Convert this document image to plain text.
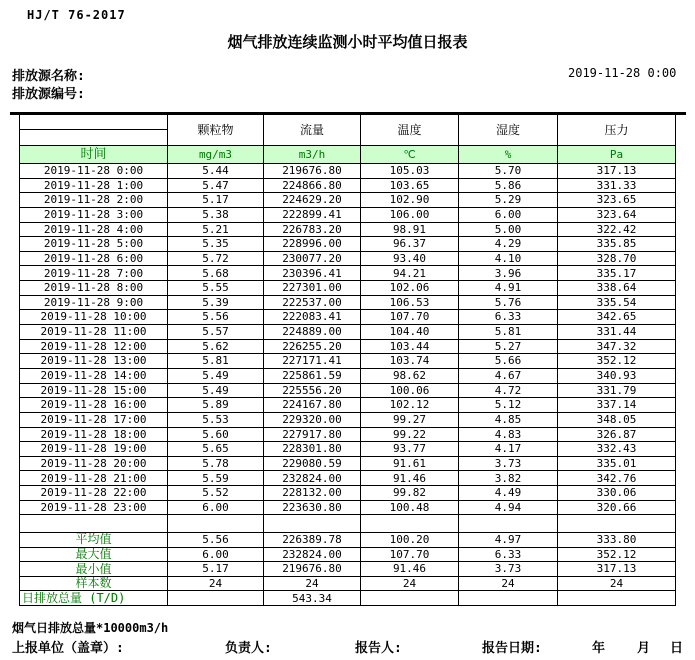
HJ/T 76-2017
烟气排放连续监测小时平均值日报表
排放源名称:	2019-11-28 0:00
排放源编号:
	颗粒物	流量	温度	湿度	压力

时间	mg/m3	m3/h	℃	%	Pa
2019-11-28 0:00	5.44	219676.80	105.03	5.70	317.13
2019-11-28 1:00	5.47	224866.80	103.65	5.86	331.33
2019-11-28 2:00	5.17	224629.20	102.90	5.29	323.65
2019-11-28 3:00	5.38	222899.41	106.00	6.00	323.64
2019-11-28 4:00	5.21	226783.20	98.91	5.00	322.42
2019-11-28 5:00	5.35	228996.00	96.37	4.29	335.85
2019-11-28 6:00	5.72	230077.20	93.40	4.10	328.70
2019-11-28 7:00	5.68	230396.41	94.21	3.96	335.17
2019-11-28 8:00	5.55	227301.00	102.06	4.91	338.64
2019-11-28 9:00	5.39	222537.00	106.53	5.76	335.54
2019-11-28 10:00	5.56	222083.41	107.70	6.33	342.65
2019-11-28 11:00	5.57	224889.00	104.40	5.81	331.44
2019-11-28 12:00	5.62	226255.20	103.44	5.27	347.32
2019-11-28 13:00	5.81	227171.41	103.74	5.66	352.12
2019-11-28 14:00	5.49	225861.59	98.62	4.67	340.93
2019-11-28 15:00	5.49	225556.20	100.06	4.72	331.79
2019-11-28 16:00	5.89	224167.80	102.12	5.12	337.14
2019-11-28 17:00	5.53	229320.00	99.27	4.85	348.05
2019-11-28 18:00	5.60	227917.80	99.22	4.83	326.87
2019-11-28 19:00	5.65	228301.80	93.77	4.17	332.43
2019-11-28 20:00	5.78	229080.59	91.61	3.73	335.01
2019-11-28 21:00	5.59	232824.00	91.46	3.82	342.76
2019-11-28 22:00	5.52	228132.00	99.82	4.49	330.06
2019-11-28 23:00	6.00	223630.80	100.48	4.94	320.66

平均值	5.56	226389.78	100.20	4.97	333.80
最大值	6.00	232824.00	107.70	6.33	352.12
最小值	5.17	219676.80	91.46	3.73	317.13
样本数	24	24	24	24	24
日排放总量 (T/D)		543.34			
烟气日排放总量*10000m3/h
上报单位（盖章）:	负责人:	报告人:	报告日期:	年 月 日
